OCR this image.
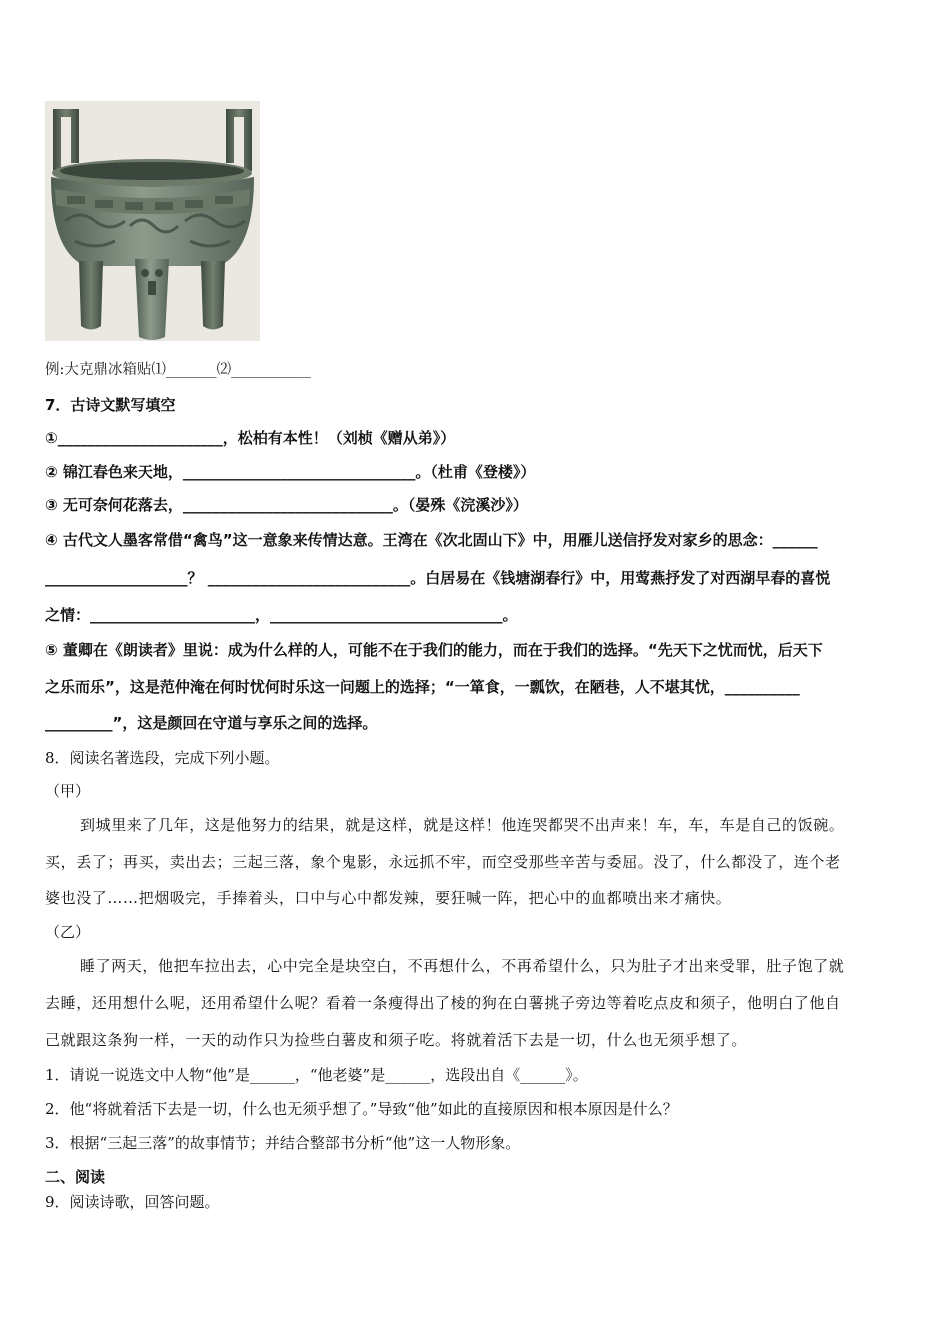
例:大克鼎冰箱贴⑴_______⑵___________
7．古诗文默写填空
①______________________，松柏有本性！（刘桢《赠从弟》）
② 锦江春色来天地，_______________________________。（杜甫《登楼》）
③ 无可奈何花落去，____________________________。（晏殊《浣溪沙》）
④ 古代文人墨客常借“禽鸟”这一意象来传情达意。王湾在《次北固山下》中，用雁儿送信抒发对家乡的思念：______
___________________？ ___________________________。白居易在《钱塘湖春行》中，用莺燕抒发了对西湖早春的喜悦
之情：______________________，_______________________________。
⑤ 董卿在《朗读者》里说：成为什么样的人，可能不在于我们的能力，而在于我们的选择。“先天下之忧而忧，后天下
之乐而乐”，这是范仲淹在何时忧何时乐这一问题上的选择；“一箪食，一瓢饮，在陋巷，人不堪其忧，__________
_________”，这是颜回在守道与享乐之间的选择。
8．阅读名著选段，完成下列小题。
（甲）
到城里来了几年，这是他努力的结果，就是这样，就是这样！他连哭都哭不出声来！车，车，车是自己的饭碗。
买，丢了；再买，卖出去；三起三落，象个鬼影，永远抓不牢，而空受那些辛苦与委屈。没了，什么都没了，连个老
婆也没了……把烟吸完，手捧着头，口中与心中都发辣，要狂喊一阵，把心中的血都喷出来才痛快。
（乙）
睡了两天，他把车拉出去，心中完全是块空白，不再想什么，不再希望什么，只为肚子才出来受罪，肚子饱了就
去睡，还用想什么呢，还用希望什么呢？看着一条瘦得出了棱的狗在白薯挑子旁边等着吃点皮和须子，他明白了他自
己就跟这条狗一样，一天的动作只为捡些白薯皮和须子吃。将就着活下去是一切，什么也无须乎想了。
1．请说一说选文中人物“他”是______，“他老婆”是______，选段出自《______》。
2．他“将就着活下去是一切，什么也无须乎想了。”导致“他”如此的直接原因和根本原因是什么？
3．根据“三起三落”的故事情节；并结合整部书分析“他”这一人物形象。
二、阅读
9．阅读诗歌，回答问题。
